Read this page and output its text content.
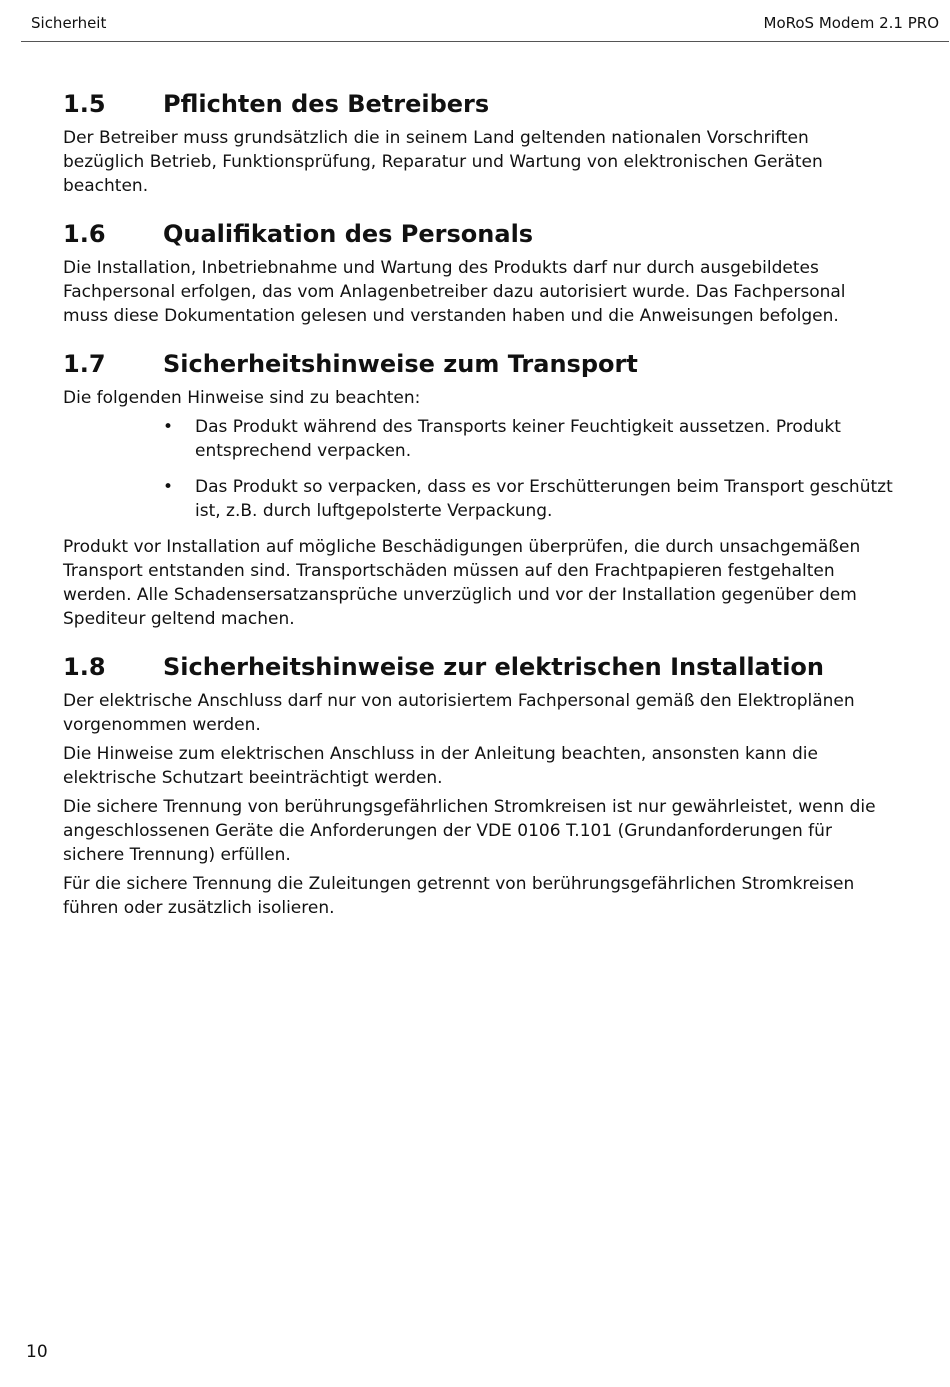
Sicherheit	MoRoS Modem 2.1 PRO
1.5	Pflichten des Betreibers

Der Betreiber muss grundsätzlich die in seinem Land geltenden nationalen Vorschriften bezüglich Betrieb, Funktionsprüfung, Reparatur und Wartung von elektronischen Geräten beachten.

1.6	Qualifikation des Personals

Die Installation, Inbetriebnahme und Wartung des Produkts darf nur durch ausgebildetes Fachpersonal erfolgen, das vom Anlagenbetreiber dazu autorisiert wurde. Das Fachpersonal muss diese Dokumentation gelesen und verstanden haben und die Anweisungen befolgen.

1.7	Sicherheitshinweise zum Transport

Die folgenden Hinweise sind zu beachten:

•	Das Produkt während des Transports keiner Feuchtigkeit aussetzen. Produkt entsprechend verpacken.
•	Das Produkt so verpacken, dass es vor Erschütterungen beim Transport geschützt ist, z.B. durch luftgepolsterte Verpackung.

Produkt vor Installation auf mögliche Beschädigungen überprüfen, die durch unsachgemäßen Transport entstanden sind. Transportschäden müssen auf den Frachtpapieren festgehalten werden. Alle Schadensersatzansprüche unverzüglich und vor der Installation gegenüber dem Spediteur geltend machen.

1.8	Sicherheitshinweise zur elektrischen Installation

Der elektrische Anschluss darf nur von autorisiertem Fachpersonal gemäß den Elektroplänen vorgenommen werden.

Die Hinweise zum elektrischen Anschluss in der Anleitung beachten, ansonsten kann die elektrische Schutzart beeinträchtigt werden.

Die sichere Trennung von berührungsgefährlichen Stromkreisen ist nur gewährleistet, wenn die angeschlossenen Geräte die Anforderungen der VDE 0106 T.101 (Grundanforderungen für sichere Trennung) erfüllen.

Für die sichere Trennung die Zuleitungen getrennt von berührungsgefährlichen Stromkreisen führen oder zusätzlich isolieren.

10
